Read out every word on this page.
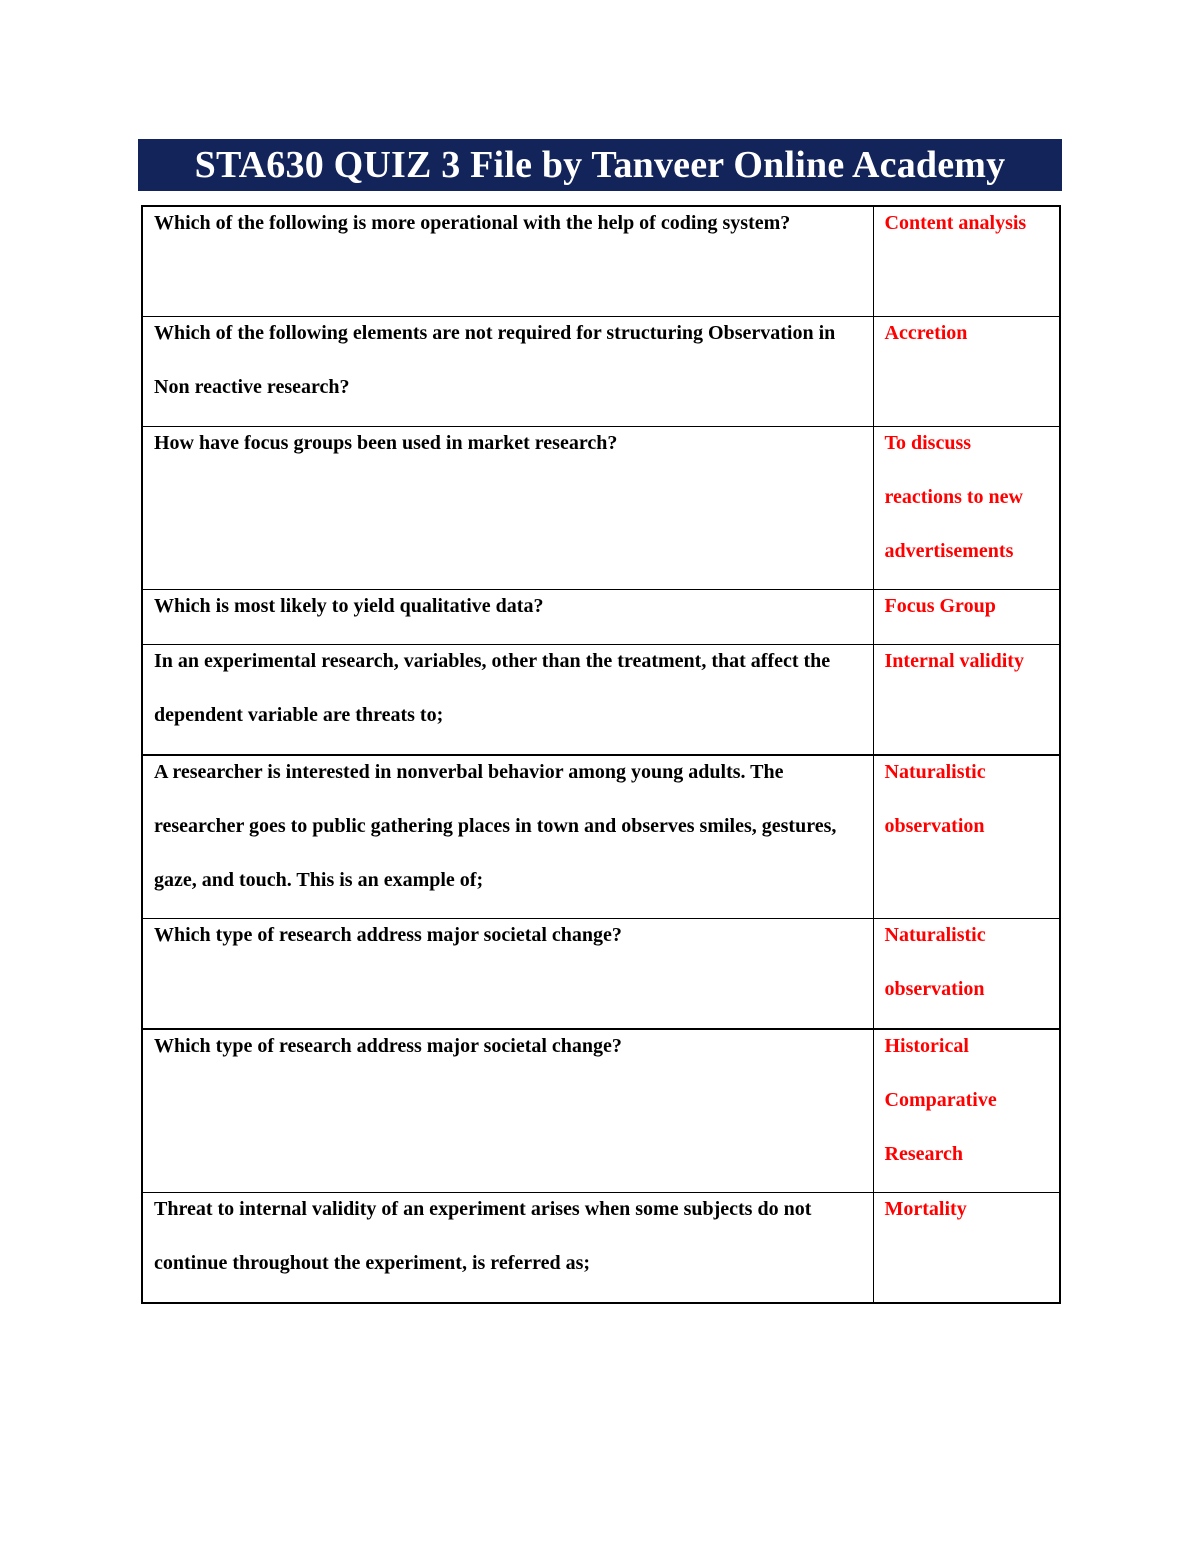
STA630 QUIZ 3 File by Tanveer Online Academy
Which of the following is more operational with the help of coding system?	Content analysis

Which of the following elements are not required for structuring Observation in Non reactive research?	Accretion

How have focus groups been used in market research?	To discuss reactions to new advertisements

Which is most likely to yield qualitative data?	Focus Group

In an experimental research, variables, other than the treatment, that affect the dependent variable are threats to;	Internal validity

A researcher is interested in nonverbal behavior among young adults. The researcher goes to public gathering places in town and observes smiles, gestures, gaze, and touch. This is an example of;	Naturalistic observation

Which type of research address major societal change?	Naturalistic observation

Which type of research address major societal change?	Historical Comparative Research

Threat to internal validity of an experiment arises when some subjects do not continue throughout the experiment, is referred as;	Mortality
